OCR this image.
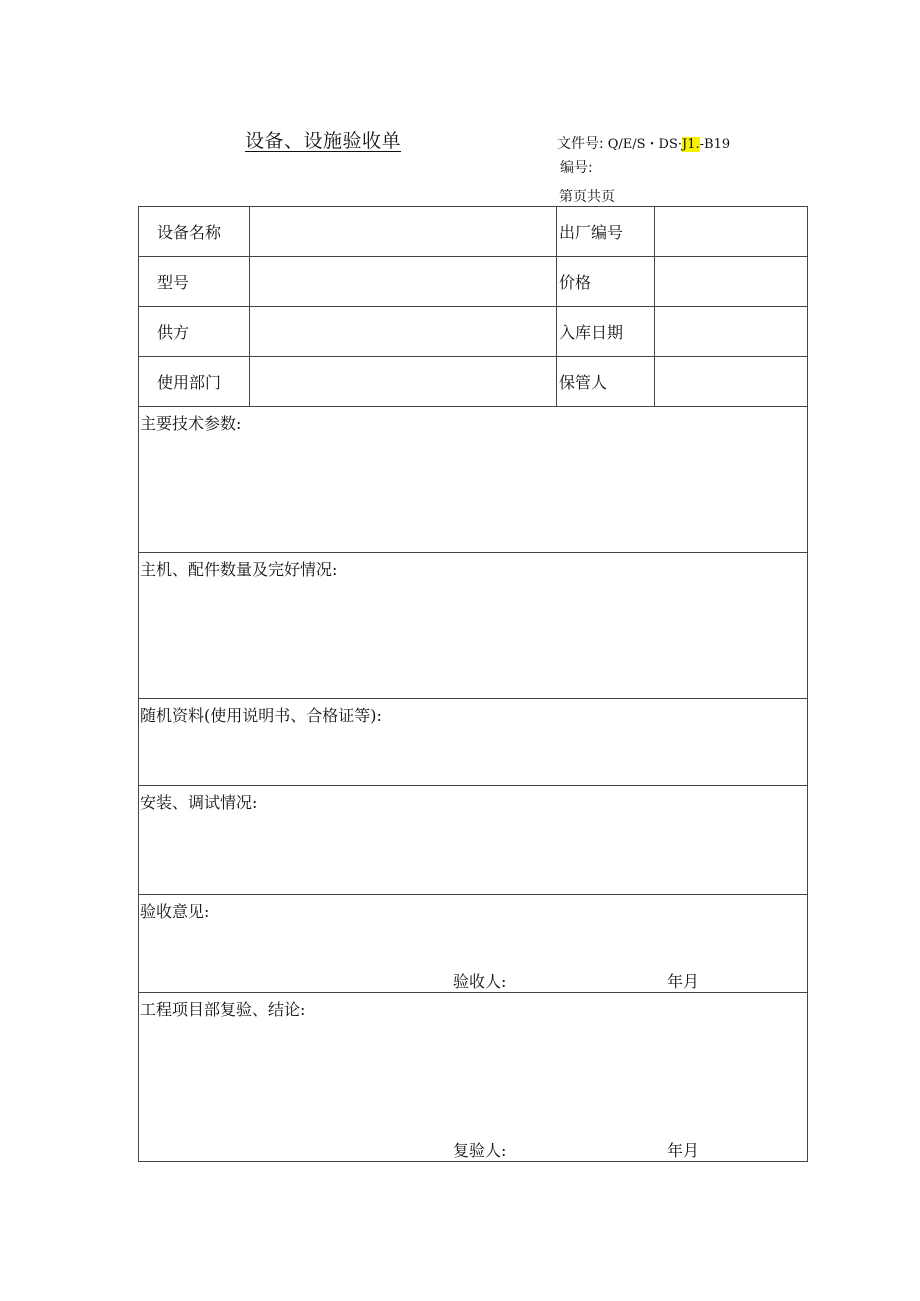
设备、设施验收单	文件号: Q/E/S・DS·J1.-B19
编号:
第页共页
设备名称		出厂编号	
型号		价格	
供方		入库日期	
使用部门		保管人	

主要技术参数:			

主机、配件数量及完好情况:			

随机资料(使用说明书、合格证等):			

安装、调试情况:			

验收意见:
验收人: 年月			

工程项目部复验、结论:
复验人: 年月			
